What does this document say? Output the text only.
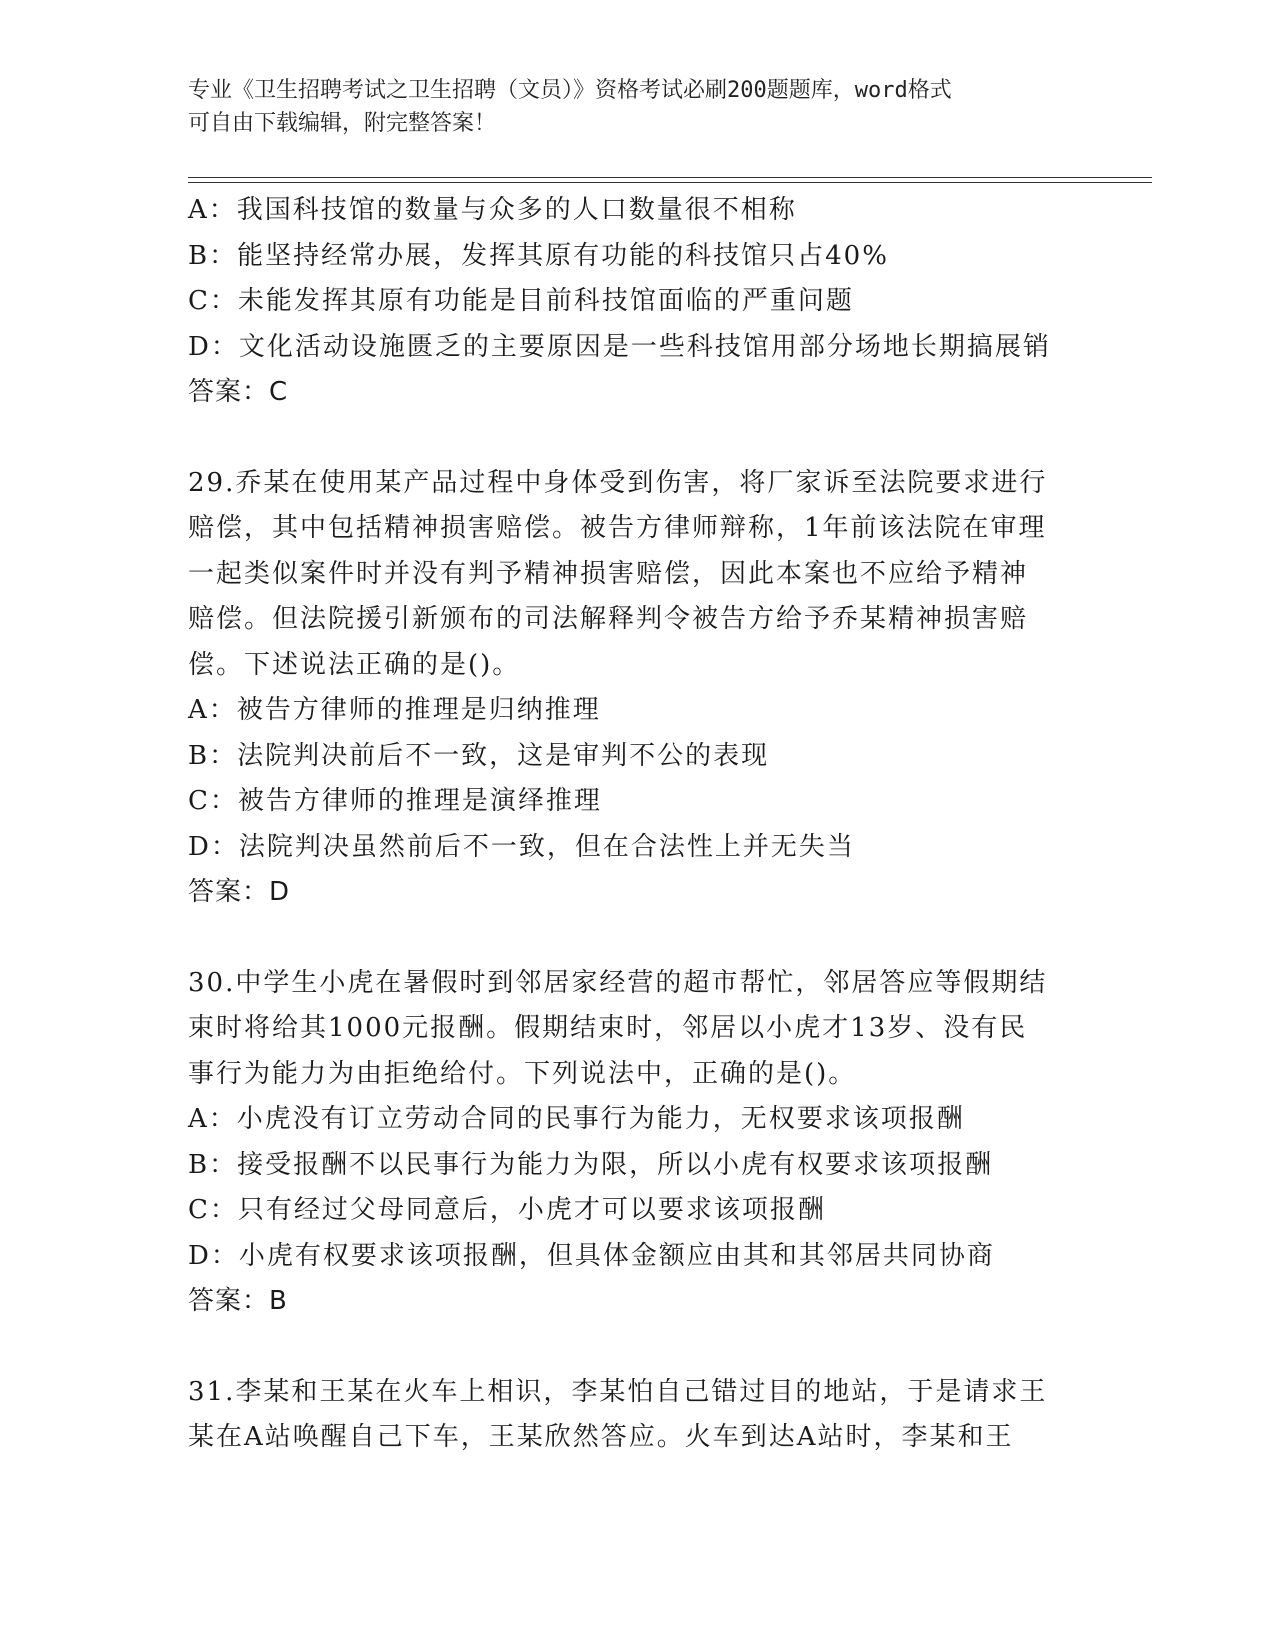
专业《卫生招聘考试之卫生招聘（文员）》资格考试必刷200题题库，word格式
可自由下载编辑，附完整答案！
A：我国科技馆的数量与众多的人口数量很不相称
B：能坚持经常办展，发挥其原有功能的科技馆只占40%
C：未能发挥其原有功能是目前科技馆面临的严重问题
D：文化活动设施匮乏的主要原因是一些科技馆用部分场地长期搞展销
答案：C
29.乔某在使用某产品过程中身体受到伤害，将厂家诉至法院要求进行
赔偿，其中包括精神损害赔偿。被告方律师辩称，1年前该法院在审理
一起类似案件时并没有判予精神损害赔偿，因此本案也不应给予精神
赔偿。但法院援引新颁布的司法解释判令被告方给予乔某精神损害赔
偿。下述说法正确的是()。
A：被告方律师的推理是归纳推理
B：法院判决前后不一致，这是审判不公的表现
C：被告方律师的推理是演绎推理
D：法院判决虽然前后不一致，但在合法性上并无失当
答案：D
30.中学生小虎在暑假时到邻居家经营的超市帮忙，邻居答应等假期结
束时将给其1000元报酬。假期结束时，邻居以小虎才13岁、没有民
事行为能力为由拒绝给付。下列说法中，正确的是()。
A：小虎没有订立劳动合同的民事行为能力，无权要求该项报酬
B：接受报酬不以民事行为能力为限，所以小虎有权要求该项报酬
C：只有经过父母同意后，小虎才可以要求该项报酬
D：小虎有权要求该项报酬，但具体金额应由其和其邻居共同协商
答案：B
31.李某和王某在火车上相识，李某怕自己错过目的地站，于是请求王
某在A站唤醒自己下车，王某欣然答应。火车到达A站时，李某和王
